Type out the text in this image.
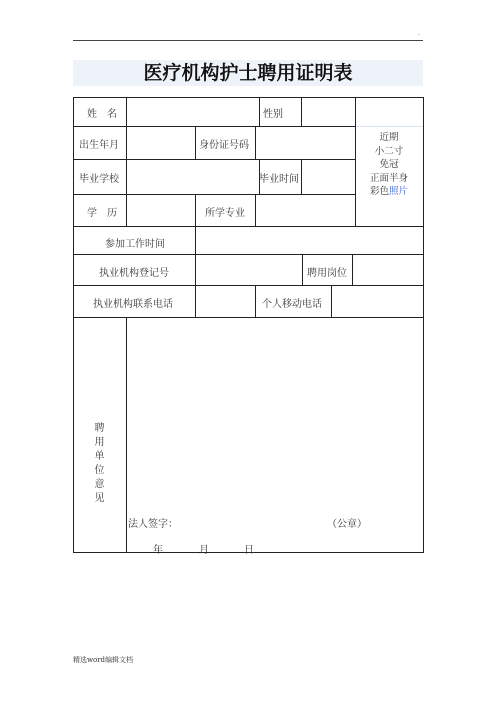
.
医疗机构护士聘用证明表
姓　名	性别
出生年月	身份证号码
毕业学校	毕业时间
学　历	所学专业
近期
小二寸
免冠
正面半身
彩色照片
参加工作时间
执业机构登记号	聘用岗位
执业机构联系电话	个人移动电话
聘
用
单
位
意
见
法人签字：	（公章）
年	月	日
精选word编辑文档
